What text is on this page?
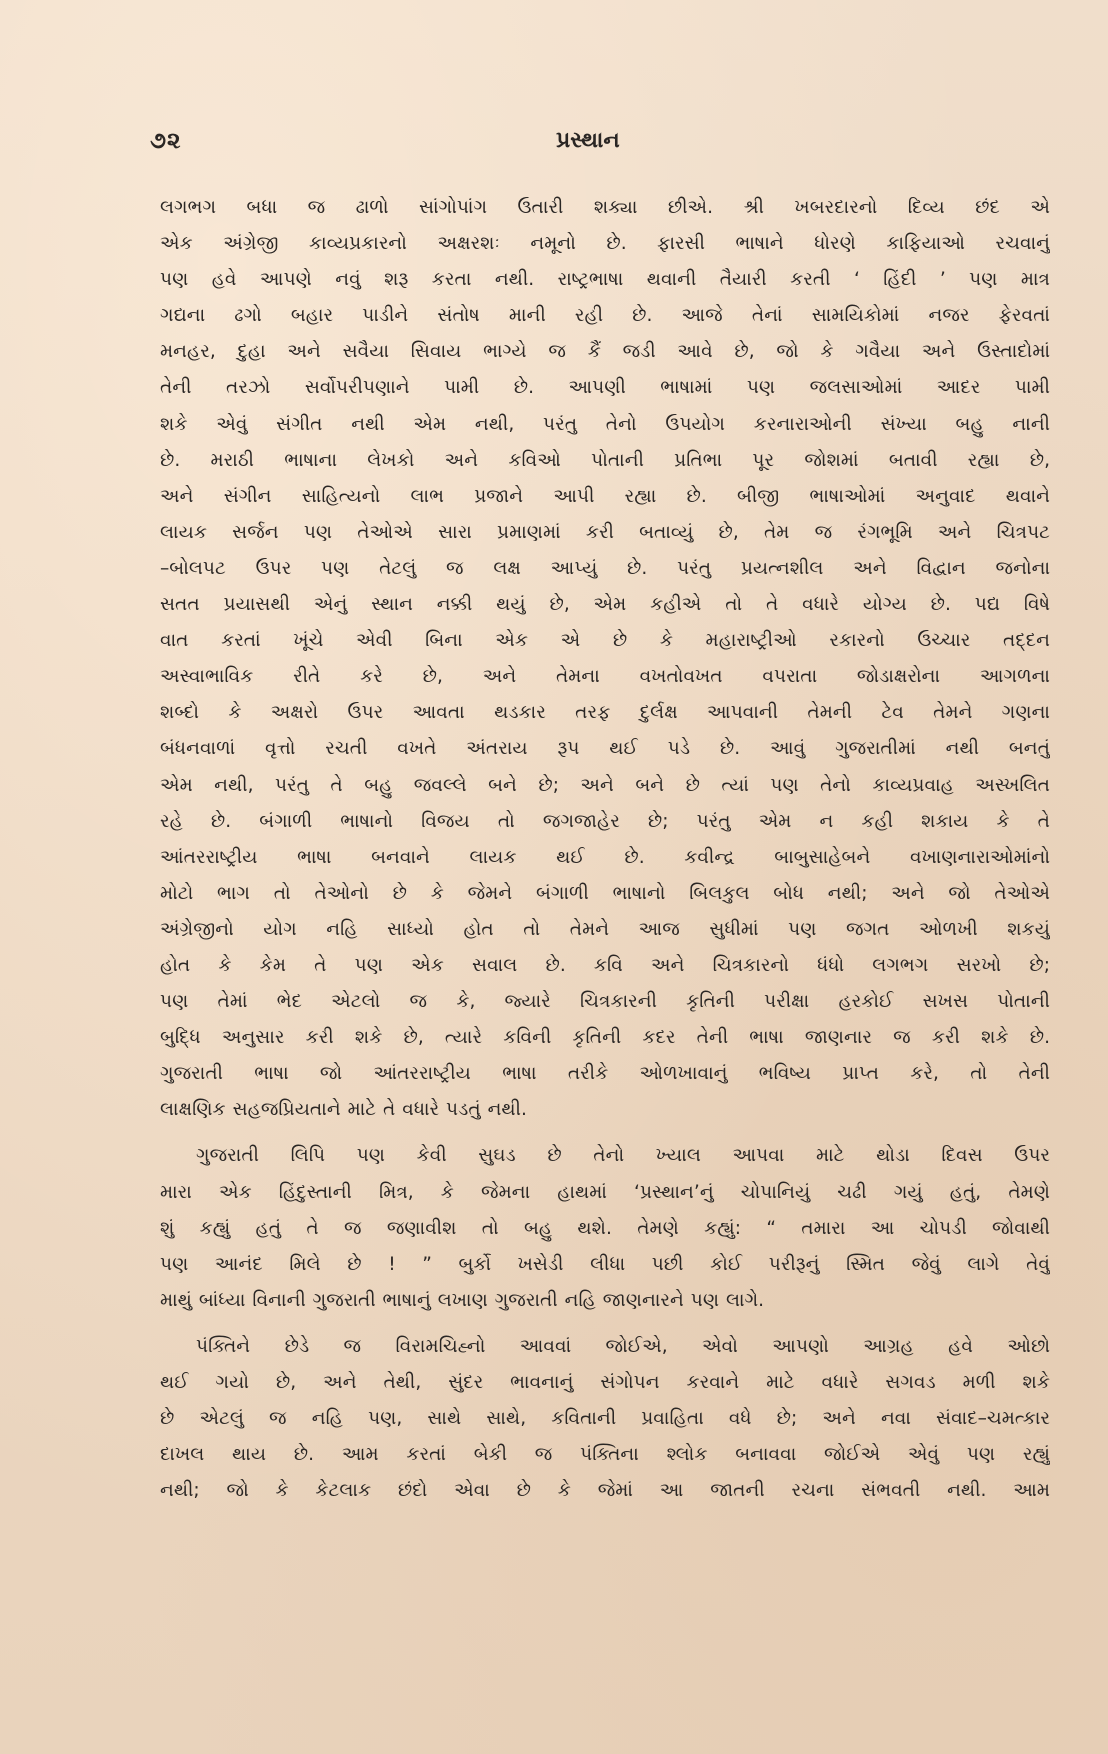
૭૨	પ્રસ્થાન
લગભગ બધા જ ઢાળો સાંગોપાંગ ઉતારી શક્યા છીએ. શ્રી ખબરદારનો દિવ્ય છંદ એ
એક અંગ્રેજી કાવ્યપ્રકારનો અક્ષરશઃ નમૂનો છે. ફારસી ભાષાને ધોરણે કાફિયાઓ રચવાનું
પણ હવે આપણે નવું શરૂ કરતા નથી. રાષ્ટ્રભાષા થવાની તૈયારી કરતી ‘ હિંદી ’ પણ માત્ર
ગદ્યના ઢગો બહાર પાડીને સંતોષ માની રહી છે. આજે તેનાં સામયિકોમાં નજર ફેરવતાં
મનહર, દુહા અને સવૈયા સિવાય ભાગ્યે જ કૈં જડી આવે છે, જો કે ગવૈયા અને ઉસ્તાદોમાં
તેની તરઝો સર્વોપરીપણાને પામી છે. આપણી ભાષામાં પણ જલસાઓમાં આદર પામી
શકે એવું સંગીત નથી એમ નથી, પરંતુ તેનો ઉપયોગ કરનારાઓની સંખ્યા બહુ નાની
છે. મરાઠી ભાષાના લેખકો અને કવિઓ પોતાની પ્રતિભા પૂર જોશમાં બતાવી રહ્યા છે,
અને સંગીન સાહિત્યનો લાભ પ્રજાને આપી રહ્યા છે. બીજી ભાષાઓમાં અનુવાદ થવાને
લાયક સર્જન પણ તેઓએ સારા પ્રમાણમાં કરી બતાવ્યું છે, તેમ જ રંગભૂમિ અને ચિત્રપટ
–બોલપટ ઉપર પણ તેટલું જ લક્ષ આપ્યું છે. પરંતુ પ્રયત્નશીલ અને વિદ્વાન જનોના
સતત પ્રયાસથી એનું સ્થાન નક્કી થયું છે, એમ કહીએ તો તે વધારે યોગ્ય છે. પદ્ય વિષે
વાત કરતાં ખૂંચે એવી બિના એક એ છે કે મહારાષ્ટ્રીઓ રકારનો ઉચ્ચાર તદ્દન
અસ્વાભાવિક રીતે કરે છે, અને તેમના વખતોવખત વપરાતા જોડાક્ષરોના આગળના
શબ્દો કે અક્ષરો ઉપર આવતા થડકાર તરફ દુર્લક્ષ આપવાની તેમની ટેવ તેમને ગણના
બંધનવાળાં વૃત્તો રચતી વખતે અંતરાય રૂપ થઈ પડે છે. આવું ગુજરાતીમાં નથી બનતું
એમ નથી, પરંતુ તે બહુ જવલ્લે બને છે; અને બને છે ત્યાં પણ તેનો કાવ્યપ્રવાહ અસ્ખલિત
રહે છે. બંગાળી ભાષાનો વિજય તો જગજાહેર છે; પરંતુ એમ ન કહી શકાય કે તે
આંતરરાષ્ટ્રીય ભાષા બનવાને લાયક થઈ છે. કવીન્દ્ર બાબુસાહેબને વખાણનારાઓમાંનો
મોટો ભાગ તો તેઓનો છે કે જેમને બંગાળી ભાષાનો બિલકુલ બોધ નથી; અને જો તેઓએ
અંગ્રેજીનો યોગ નહિ સાધ્યો હોત તો તેમને આજ સુધીમાં પણ જગત ઓળખી શકયું
હોત કે કેમ તે પણ એક સવાલ છે. કવિ અને ચિત્રકારનો ધંધો લગભગ સરખો છે;
પણ તેમાં ભેદ એટલો જ કે, જ્યારે ચિત્રકારની કૃતિની પરીક્ષા હરકોઈ સખસ પોતાની
બુદ્ધિ અનુસાર કરી શકે છે, ત્યારે કવિની કૃતિની કદર તેની ભાષા જાણનાર જ કરી શકે છે.
ગુજરાતી ભાષા જો આંતરરાષ્ટ્રીય ભાષા તરીકે ઓળખાવાનું ભવિષ્ય પ્રાપ્ત કરે, તો તેની
લાક્ષણિક સહજપ્રિયતાને માટે તે વધારે પડતું નથી.
ગુજરાતી લિપિ પણ કેવી સુઘડ છે તેનો ખ્યાલ આપવા માટે થોડા દિવસ ઉપર
મારા એક હિંદુસ્તાની મિત્ર, કે જેમના હાથમાં ‘પ્રસ્થાન’નું ચોપાનિયું ચઢી ગયું હતું, તેમણે
શું કહ્યું હતું તે જ જણાવીશ તો બહુ થશે. તેમણે કહ્યું: “ તમારા આ ચોપડી જોવાથી
પણ આનંદ મિલે છે ! ” બુર્કો ખસેડી લીધા પછી કોઈ પરીરૂનું સ્મિત જેવું લાગે તેવું
માથું બાંધ્યા વિનાની ગુજરાતી ભાષાનું લખાણ ગુજરાતી નહિ જાણનારને પણ લાગે.
પંક્તિને છેડે જ વિરામચિહ્નો આવવાં જોઈએ, એવો આપણો આગ્રહ હવે ઓછો
થઈ ગયો છે, અને તેથી, સુંદર ભાવનાનું સંગોપન કરવાને માટે વધારે સગવડ મળી શકે
છે એટલું જ નહિ પણ, સાથે સાથે, કવિતાની પ્રવાહિતા વધે છે; અને નવા સંવાદ–ચમત્કાર
દાખલ થાય છે. આમ કરતાં બેકી જ પંક્તિના શ્લોક બનાવવા જોઈએ એવું પણ રહ્યું
નથી; જો કે કેટલાક છંદો એવા છે કે જેમાં આ જાતની રચના સંભવતી નથી. આમ
